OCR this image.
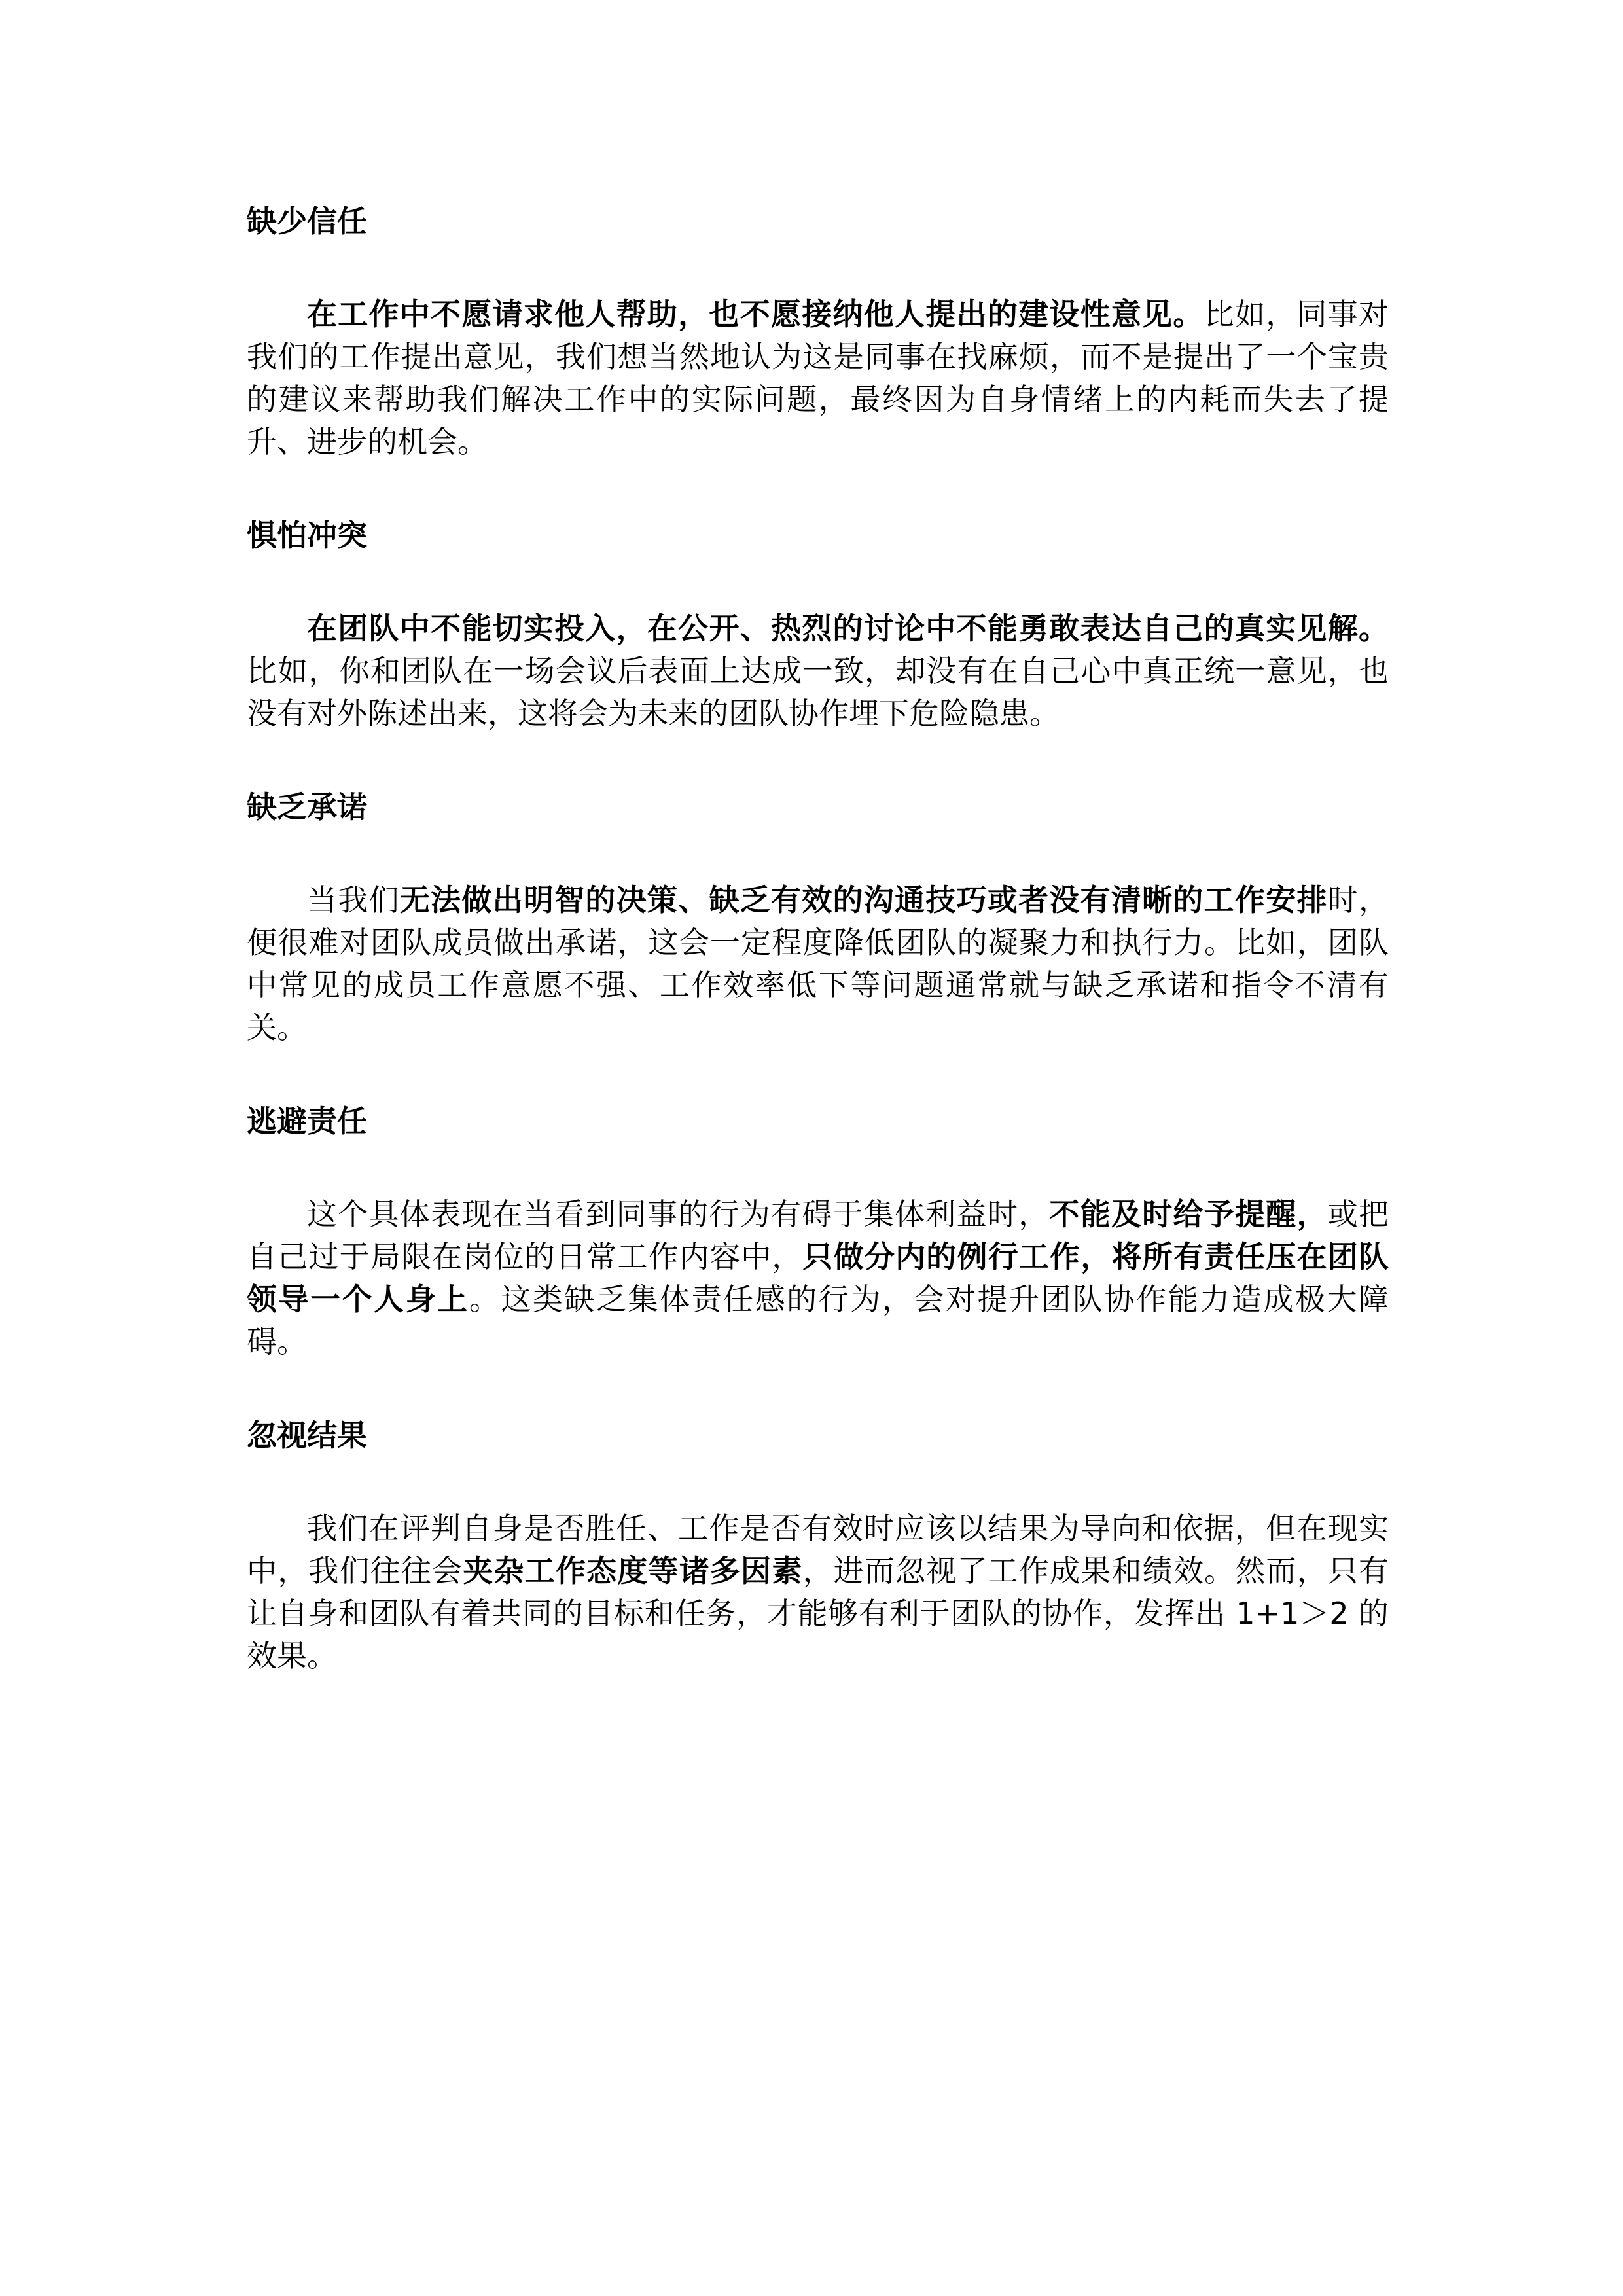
缺少信任

在工作中不愿请求他人帮助，也不愿接纳他人提出的建设性意见。比如，同事对我们的工作提出意见，我们想当然地认为这是同事在找麻烦，而不是提出了一个宝贵的建议来帮助我们解决工作中的实际问题，最终因为自身情绪上的内耗而失去了提升、进步的机会。

惧怕冲突

在团队中不能切实投入，在公开、热烈的讨论中不能勇敢表达自己的真实见解。比如，你和团队在一场会议后表面上达成一致，却没有在自己心中真正统一意见，也没有对外陈述出来，这将会为未来的团队协作埋下危险隐患。

缺乏承诺

当我们无法做出明智的决策、缺乏有效的沟通技巧或者没有清晰的工作安排时，便很难对团队成员做出承诺，这会一定程度降低团队的凝聚力和执行力。比如，团队中常见的成员工作意愿不强、工作效率低下等问题通常就与缺乏承诺和指令不清有关。

逃避责任

这个具体表现在当看到同事的行为有碍于集体利益时，不能及时给予提醒，或把自己过于局限在岗位的日常工作内容中，只做分内的例行工作，将所有责任压在团队领导一个人身上。这类缺乏集体责任感的行为，会对提升团队协作能力造成极大障碍。

忽视结果

我们在评判自身是否胜任、工作是否有效时应该以结果为导向和依据，但在现实中，我们往往会夹杂工作态度等诸多因素，进而忽视了工作成果和绩效。然而，只有让自身和团队有着共同的目标和任务，才能够有利于团队的协作，发挥出 1+1＞2 的效果。
